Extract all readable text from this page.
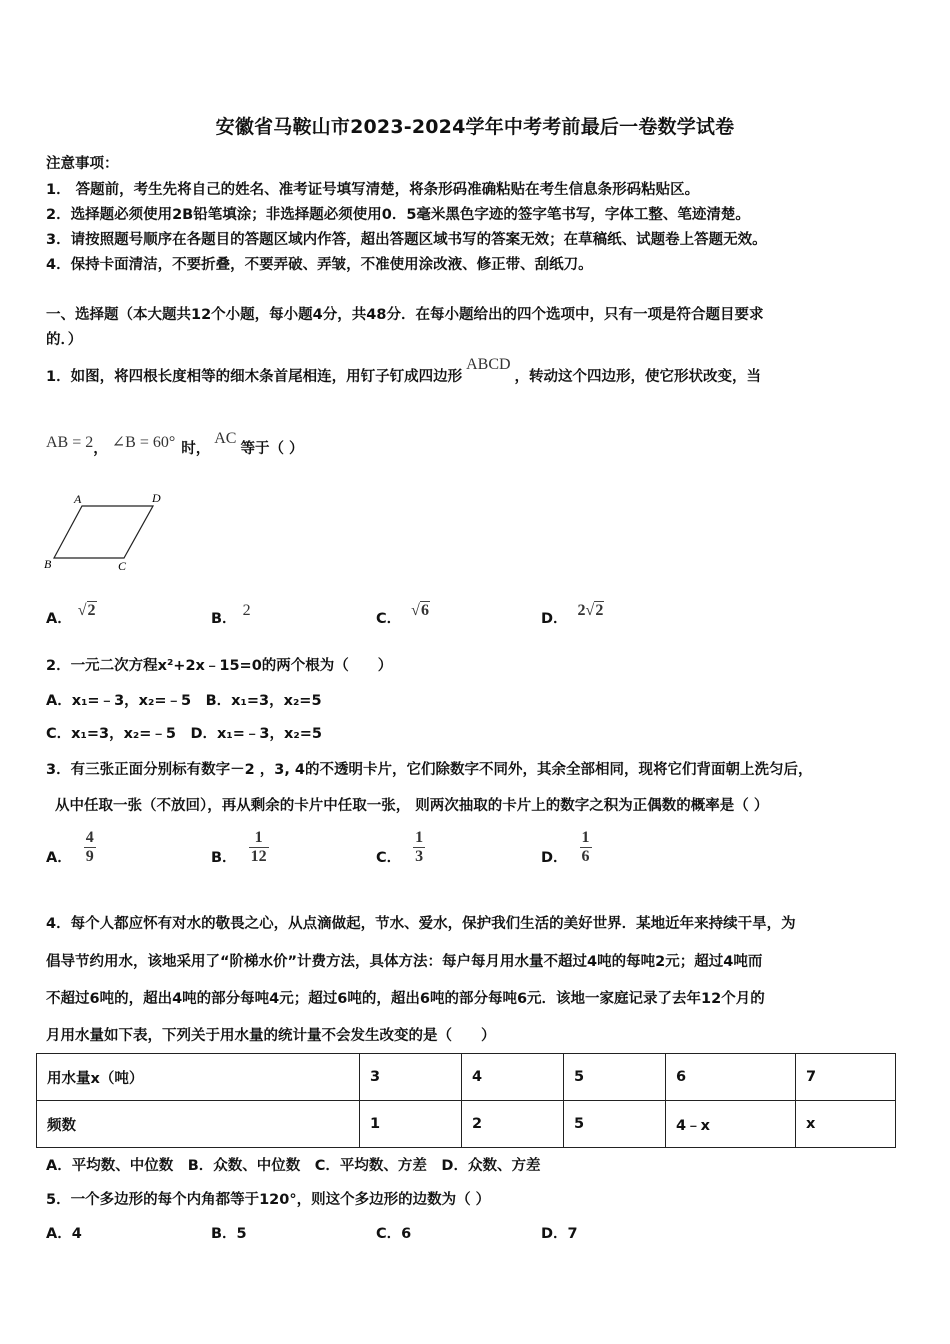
安徽省马鞍山市2023-2024学年中考考前最后一卷数学试卷
注意事项：
1． 答题前，考生先将自己的姓名、准考证号填写清楚，将条形码准确粘贴在考生信息条形码粘贴区。
2．选择题必须使用2B铅笔填涂；非选择题必须使用0．5毫米黑色字迹的签字笔书写，字体工整、笔迹清楚。
3．请按照题号顺序在各题目的答题区域内作答，超出答题区域书写的答案无效；在草稿纸、试题卷上答题无效。
4．保持卡面清洁，不要折叠，不要弄破、弄皱，不准使用涂改液、修正带、刮纸刀。
一、选择题（本大题共12个小题，每小题4分，共48分．在每小题给出的四个选项中，只有一项是符合题目要求
的．）
1．如图，将四根长度相等的细木条首尾相连，用钉子钉成四边形ABCD，转动这个四边形，使它形状改变，当
AB = 2， ∠B = 60° 时，AC等于（ ）
A	D
B	C
A． √2	B． 2	C． √6	D． 2√2
2．一元二次方程x²+2x﹣15=0的两个根为（　　）
A．x₁=﹣3，x₂=﹣5　B．x₁=3，x₂=5
C．x₁=3，x₂=﹣5　D．x₁=﹣3，x₂=5
3．有三张正面分别标有数字－2 ，3, 4的不透明卡片，它们除数字不同外，其余全部相同，现将它们背面朝上洗匀后，
从中任取一张（不放回），再从剩余的卡片中任取一张， 则两次抽取的卡片上的数字之积为正偶数的概率是（ ）
A． $\frac{4}{9}$	B． $\frac{1}{12}$	C． $\frac{1}{3}$	D． $\frac{1}{6}$
4．每个人都应怀有对水的敬畏之心，从点滴做起，节水、爱水，保护我们生活的美好世界．某地近年来持续干旱，为
倡导节约用水，该地采用了“阶梯水价”计费方法，具体方法：每户每月用水量不超过4吨的每吨2元；超过4吨而
不超过6吨的，超出4吨的部分每吨4元；超过6吨的，超出6吨的部分每吨6元．该地一家庭记录了去年12个月的
月用水量如下表，下列关于用水量的统计量不会发生改变的是（　　）
用水量x（吨）	3	4	5	6	7
频数	1	2	5	4﹣x	x
A．平均数、中位数　B．众数、中位数　C．平均数、方差　D．众数、方差
5．一个多边形的每个内角都等于120°，则这个多边形的边数为（ ）
A．4	B．5	C．6	D．7
